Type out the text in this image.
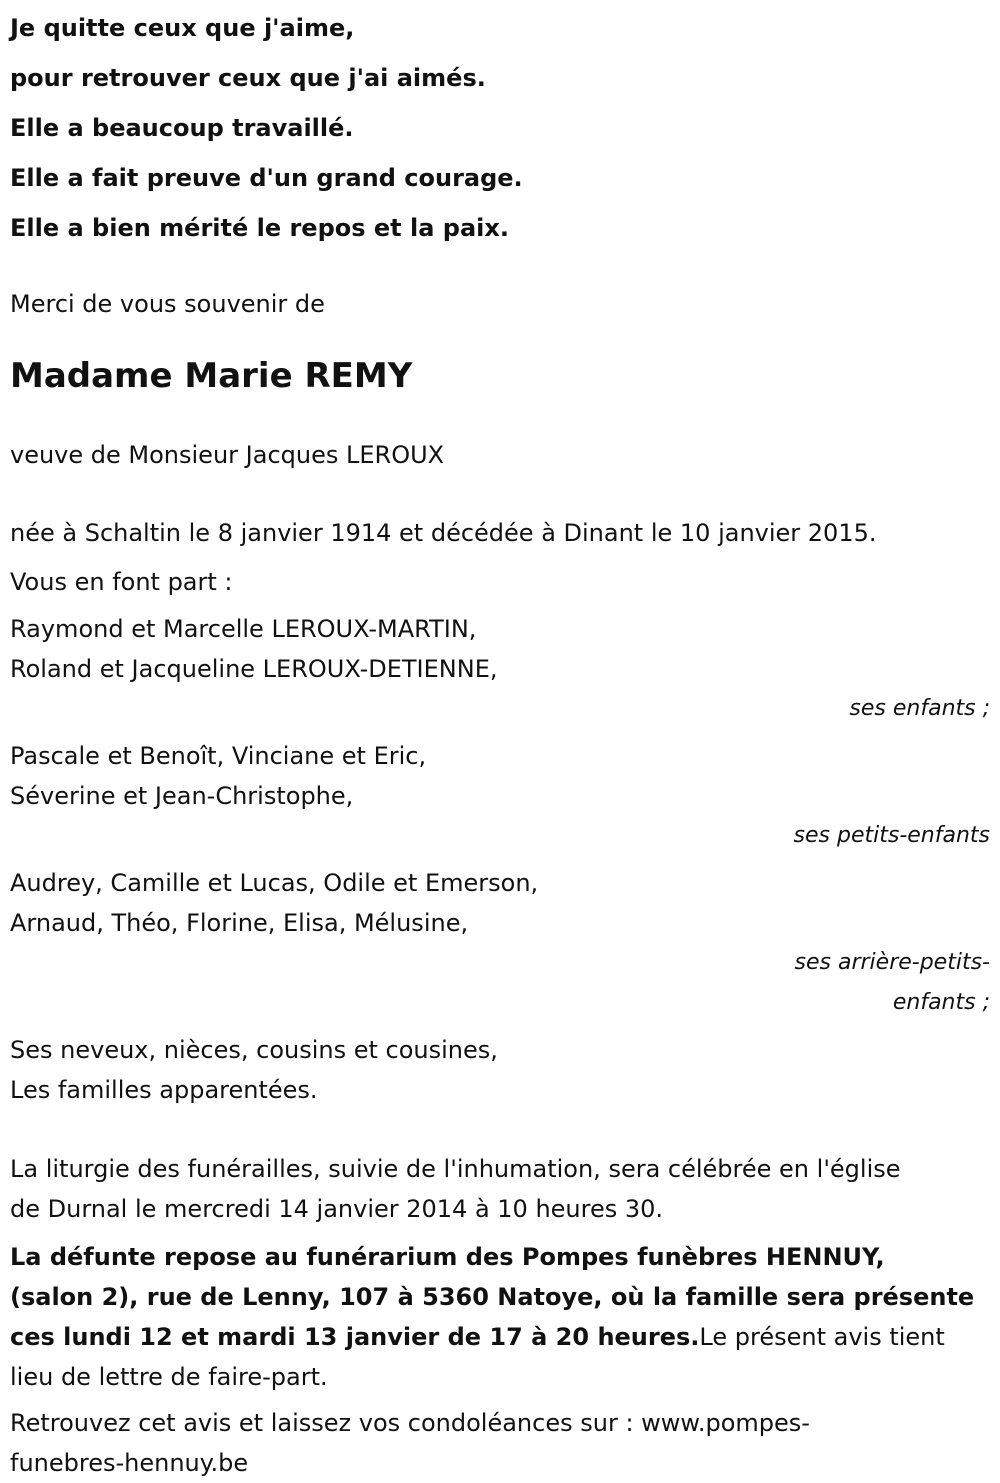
Je quitte ceux que j'aime,
pour retrouver ceux que j'ai aimés.
Elle a beaucoup travaillé.
Elle a fait preuve d'un grand courage.
Elle a bien mérité le repos et la paix.
Merci de vous souvenir de
Madame Marie REMY
veuve de Monsieur Jacques LEROUX
née à Schaltin le 8 janvier 1914 et décédée à Dinant le 10 janvier 2015.
Vous en font part :
Raymond et Marcelle LEROUX-MARTIN,
Roland et Jacqueline LEROUX-DETIENNE,
ses enfants ;
Pascale et Benoît, Vinciane et Eric,
Séverine et Jean-Christophe,
ses petits-enfants
Audrey, Camille et Lucas, Odile et Emerson,
Arnaud, Théo, Florine, Elisa, Mélusine,
ses arrière-petits-
enfants ;
Ses neveux, nièces, cousins et cousines,
Les familles apparentées.
La liturgie des funérailles, suivie de l'inhumation, sera célébrée en l'église
de Durnal le mercredi 14 janvier 2014 à 10 heures 30.
La défunte repose au funérarium des Pompes funèbres HENNUY,
(salon 2), rue de Lenny, 107 à 5360 Natoye, où la famille sera présente
ces lundi 12 et mardi 13 janvier de 17 à 20 heures.Le présent avis tient
lieu de lettre de faire-part.
Retrouvez cet avis et laissez vos condoléances sur : www.pompes-
funebres-hennuy.be
